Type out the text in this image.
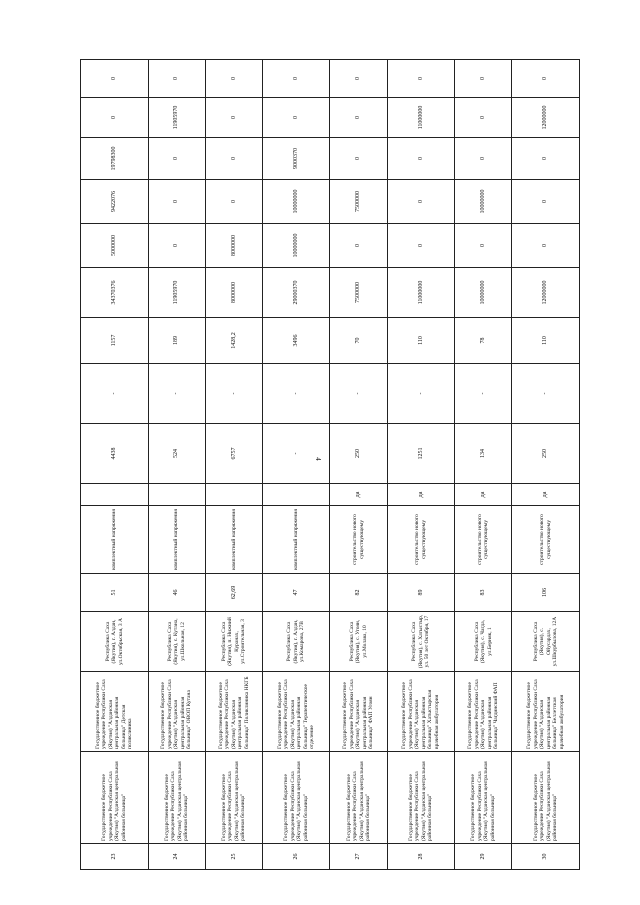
4
23	Государственное бюджетное учреждение Республики Саха (Якутия) "Алданская центральная районная больница"	Государственное бюджетное учреждение Республики Саха (Якутия) "Алданская центральная районная больница" Детская поликлиника	Республика Саха (Якутия), г. Алдан, ул.Октябрьская, 3 А	51	комплектный напряжения		4438	-	1157	34370376	5000000	9422076	19798300	0	0
24	Государственное бюджетное учреждение Республики Саха (Якутия) "Алданская центральная районная больница"	Государственное бюджетное учреждение Республики Саха (Якутия) "Алданская центральная районная больница" ОВОП Кутана	Республика Саха (Якутия), с. Кутана, ул.Школьная, 12	46	комплектный напряжения		524	-	189	11905970	0	0	0	11905970	0
25	Государственное бюджетное учреждение Республики Саха (Якутия) "Алданская центральная районная больница"	Государственное бюджетное учреждение Республики Саха (Якутия) "Алданская центральная районная больница" Поликлиника НКГБ	Республика Саха (Якутия), п. Нижний Куранах, ул.Строительная, 3	62,69	комплектный напряжения		6757	-	1428,2	8000000	8000000	0	0	0	0
26	Государственное бюджетное учреждение Республики Саха (Якутия) "Алданская центральная районная больница"	Государственное бюджетное учреждение Республики Саха (Якутия) "Алданская центральная районная больница" Терапевтическое отделение	Республика Саха (Якутия), г. Алдан, ул.Комарова, 27В	47	комплектный напряжения		-	-	3496	29000370	10000000	10000000	9000370	0	0
27	Государственное бюджетное учреждение Республики Саха (Якутия) "Алданская центральная районная больница"	Государственное бюджетное учреждение Республики Саха (Якутия) "Алданская центральная районная больница" ФАП Угоян	Республика Саха (Якутия), с. Угоян, ул.Молава, 10	82	строительство нового существующему	да	250	-	70	7500000	0	7500000	0	0	0
28	Государственное бюджетное учреждение Республики Саха (Якутия) "Алданская центральная районная больница"	Государственное бюджетное учреждение Республики Саха (Якутия) "Алданская центральная районная больница" Хатыстырская врачебная амбулатория	Республика Саха (Якутия), с. Хатыстыр, ул. 50 лет Октября, 17	89	строительство нового существующему	да	1251	-	110	11000000	0	0	0	11000000	0
29	Государственное бюджетное учреждение Республики Саха (Якутия) "Алданская центральная районная больница"	Государственное бюджетное учреждение Республики Саха (Якутия) "Алданская центральная районная больница" Чагдинский ФАП	Республика Саха (Якутия), с. Чагда, ул.Берняк, 1	83	строительство нового существующему	да	134	-	78	10000000	0	10000000	0	0	0
30	Государственное бюджетное учреждение Республики Саха (Якутия) "Алданская центральная районная больница"	Государственное бюджетное учреждение Республики Саха (Якутия) "Алданская центральная районная больница" Беллетская врачебная амбулатория	Республика Саха (Якутия), с. Ойусардах, ул.Шкурбылова, 12А	106	строительство нового существующему	да	250	-	110	12000000	0	0	0	12000000	0
